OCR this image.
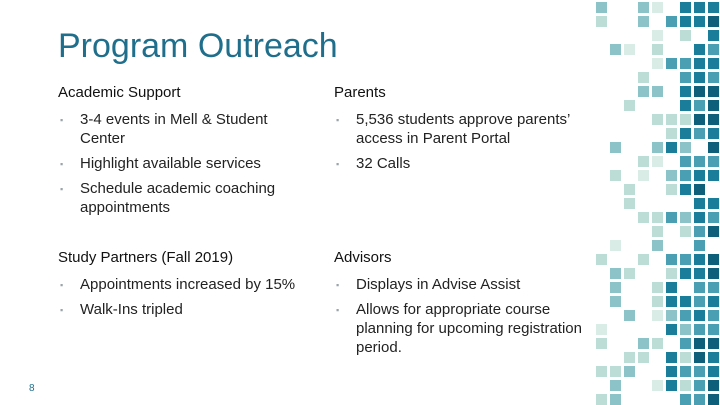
Program Outreach

Academic Support

▪ 3-4 events in Mell & Student Center
▪ Highlight available services
▪ Schedule academic coaching appointments

Parents

▪ 5,536 students approve parents’ access in Parent Portal
▪ 32 Calls

Study Partners (Fall 2019)

▪ Appointments increased by 15%
▪ Walk-Ins tripled

Advisors

▪ Displays in Advise Assist
▪ Allows for appropriate course planning for upcoming registration period.
8
